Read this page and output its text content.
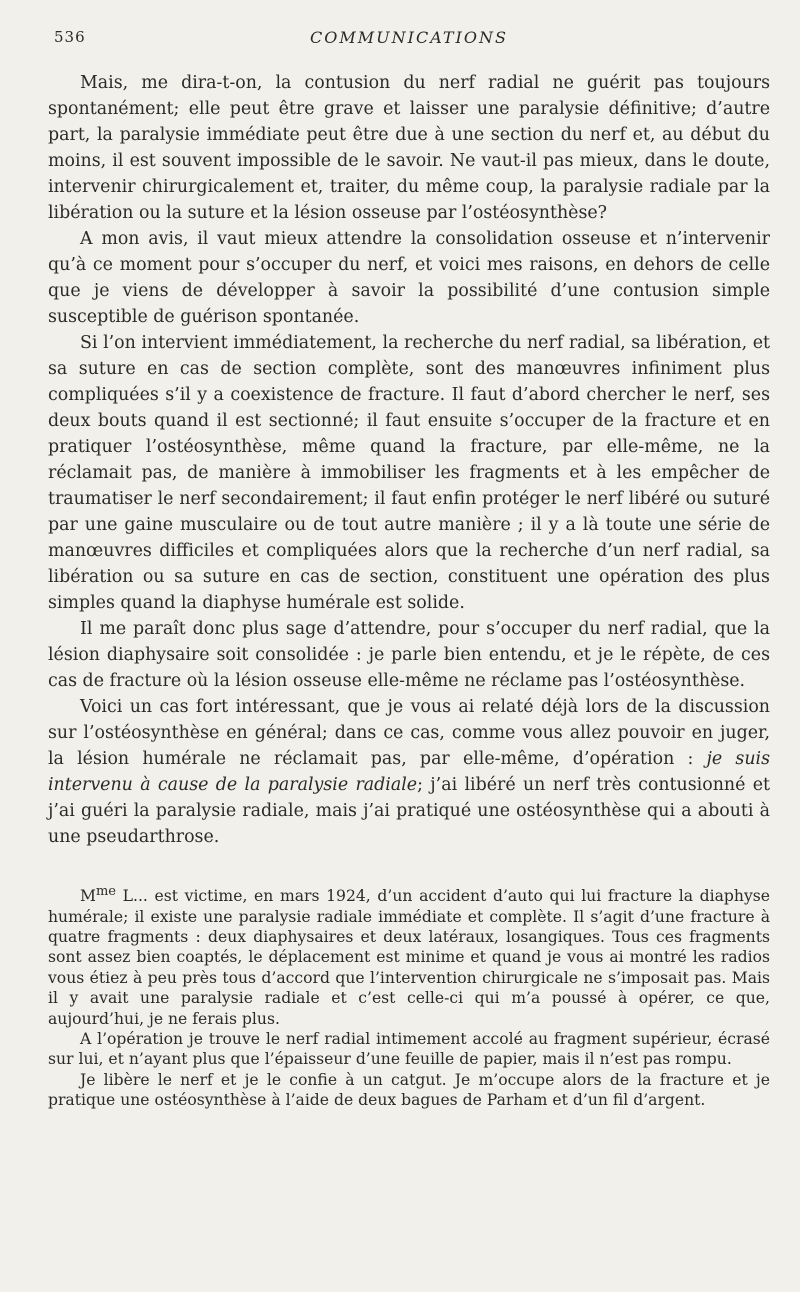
536	COMMUNICATIONS

Mais, me dira-t-on, la contusion du nerf radial ne guérit pas toujours spontanément; elle peut être grave et laisser une paralysie définitive; d’autre part, la paralysie immédiate peut être due à une section du nerf et, au début du moins, il est souvent impossible de le savoir. Ne vaut-il pas mieux, dans le doute, intervenir chirurgicalement et, traiter, du même coup, la paralysie radiale par la libération ou la suture et la lésion osseuse par l’ostéosynthèse?

A mon avis, il vaut mieux attendre la consolidation osseuse et n’intervenir qu’à ce moment pour s’occuper du nerf, et voici mes raisons, en dehors de celle que je viens de développer à savoir la possibilité d’une contusion simple susceptible de guérison spontanée.

Si l’on intervient immédiatement, la recherche du nerf radial, sa libération, et sa suture en cas de section complète, sont des manœuvres infiniment plus compliquées s’il y a coexistence de fracture. Il faut d’abord chercher le nerf, ses deux bouts quand il est sectionné; il faut ensuite s’occuper de la fracture et en pratiquer l’ostéosynthèse, même quand la fracture, par elle-même, ne la réclamait pas, de manière à immobiliser les fragments et à les empêcher de traumatiser le nerf secondairement; il faut enfin protéger le nerf libéré ou suturé par une gaine musculaire ou de tout autre manière ; il y a là toute une série de manœuvres difficiles et compliquées alors que la recherche d’un nerf radial, sa libération ou sa suture en cas de section, constituent une opération des plus simples quand la diaphyse humérale est solide.

Il me paraît donc plus sage d’attendre, pour s’occuper du nerf radial, que la lésion diaphysaire soit consolidée : je parle bien entendu, et je le répète, de ces cas de fracture où la lésion osseuse elle-même ne réclame pas l’ostéosynthèse.

Voici un cas fort intéressant, que je vous ai relaté déjà lors de la discussion sur l’ostéosynthèse en général; dans ce cas, comme vous allez pouvoir en juger, la lésion humérale ne réclamait pas, par elle-même, d’opération : je suis intervenu à cause de la paralysie radiale; j’ai libéré un nerf très contusionné et j’ai guéri la paralysie radiale, mais j’ai pratiqué une ostéosynthèse qui a abouti à une pseudarthrose.

$M^{me}$ L... est victime, en mars 1924, d’un accident d’auto qui lui fracture la diaphyse humérale; il existe une paralysie radiale immédiate et complète. Il s’agit d’une fracture à quatre fragments : deux diaphysaires et deux latéraux, losangiques. Tous ces fragments sont assez bien coaptés, le déplacement est minime et quand je vous ai montré les radios vous étiez à peu près tous d’accord que l’intervention chirurgicale ne s’imposait pas. Mais il y avait une paralysie radiale et c’est celle-ci qui m’a poussé à opérer, ce que, aujourd’hui, je ne ferais plus.

A l’opération je trouve le nerf radial intimement accolé au fragment supérieur, écrasé sur lui, et n’ayant plus que l’épaisseur d’une feuille de papier, mais il n’est pas rompu.

Je libère le nerf et je le confie à un catgut. Je m’occupe alors de la fracture et je pratique une ostéosynthèse à l’aide de deux bagues de Parham et d’un fil d’argent.
